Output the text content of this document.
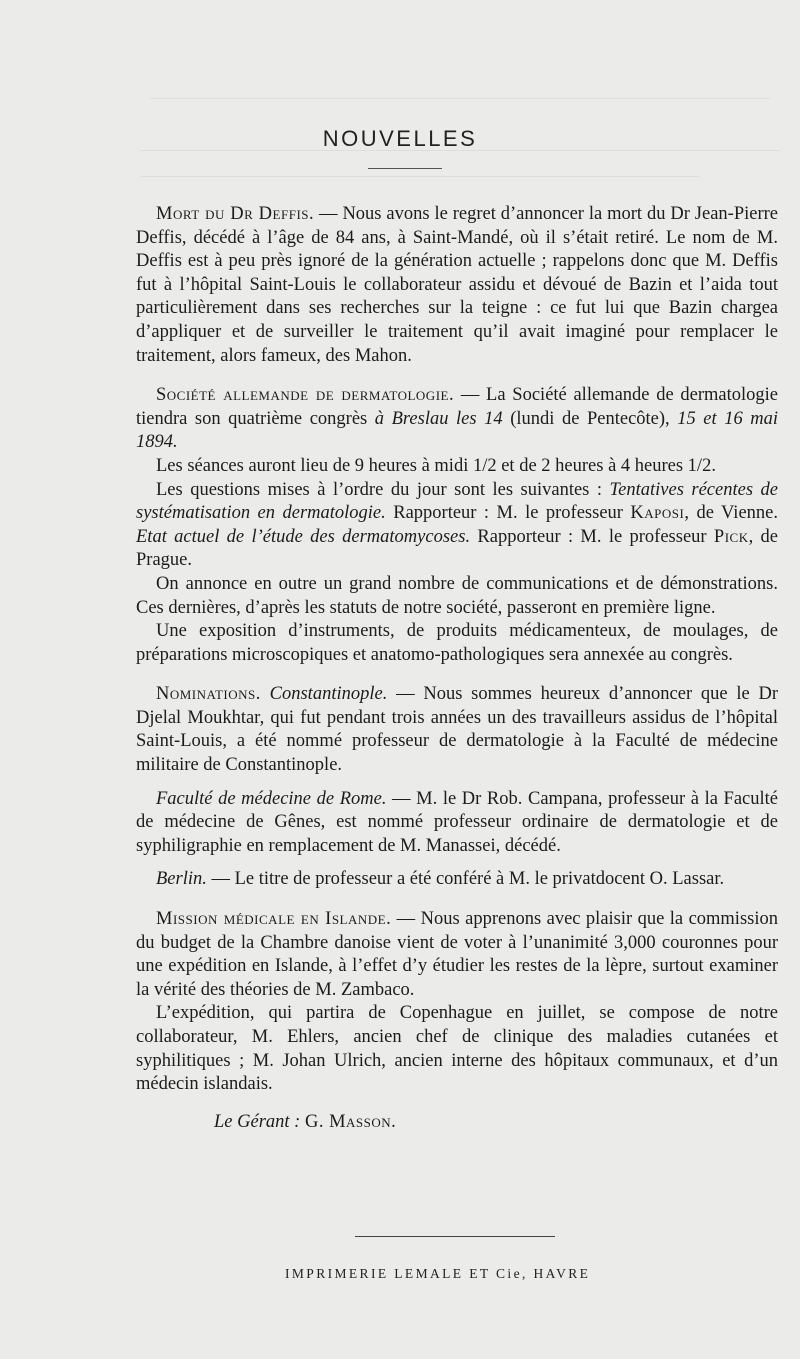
NOUVELLES

Mort du Dr Deffis. — Nous avons le regret d’annoncer la mort du Dr Jean-Pierre Deffis, décédé à l’âge de 84 ans, à Saint-Mandé, où il s’était retiré. Le nom de M. Deffis est à peu près ignoré de la génération actuelle ; rappelons donc que M. Deffis fut à l’hôpital Saint-Louis le collaborateur assidu et dévoué de Bazin et l’aida tout particulièrement dans ses recherches sur la teigne : ce fut lui que Bazin chargea d’appliquer et de surveiller le traitement qu’il avait imaginé pour remplacer le traitement, alors fameux, des Mahon.

Société allemande de dermatologie. — La Société allemande de dermatologie tiendra son quatrième congrès à Breslau les 14 (lundi de Pentecôte), 15 et 16 mai 1894.

Les séances auront lieu de 9 heures à midi 1/2 et de 2 heures à 4 heures 1/2.

Les questions mises à l’ordre du jour sont les suivantes : Tentatives récentes de systématisation en dermatologie. Rapporteur : M. le professeur Kaposi, de Vienne. Etat actuel de l’étude des dermatomycoses. Rapporteur : M. le professeur Pick, de Prague.

On annonce en outre un grand nombre de communications et de démonstrations. Ces dernières, d’après les statuts de notre société, passeront en première ligne.

Une exposition d’instruments, de produits médicamenteux, de moulages, de préparations microscopiques et anatomo-pathologiques sera annexée au congrès.

Nominations. Constantinople. — Nous sommes heureux d’annoncer que le Dr Djelal Moukhtar, qui fut pendant trois années un des travailleurs assidus de l’hôpital Saint-Louis, a été nommé professeur de dermatologie à la Faculté de médecine militaire de Constantinople.

Faculté de médecine de Rome. — M. le Dr Rob. Campana, professeur à la Faculté de médecine de Gênes, est nommé professeur ordinaire de dermatologie et de syphiligraphie en remplacement de M. Manassei, décédé.

Berlin. — Le titre de professeur a été conféré à M. le privatdocent O. Lassar.

Mission médicale en Islande. — Nous apprenons avec plaisir que la commission du budget de la Chambre danoise vient de voter à l’unanimité 3,000 couronnes pour une expédition en Islande, à l’effet d’y étudier les restes de la lèpre, surtout examiner la vérité des théories de M. Zambaco.

L’expédition, qui partira de Copenhague en juillet, se compose de notre collaborateur, M. Ehlers, ancien chef de clinique des maladies cutanées et syphilitiques ; M. Johan Ulrich, ancien interne des hôpitaux communaux, et d’un médecin islandais.

Le Gérant : G. Masson.

IMPRIMERIE LEMALE ET Cie, HAVRE
